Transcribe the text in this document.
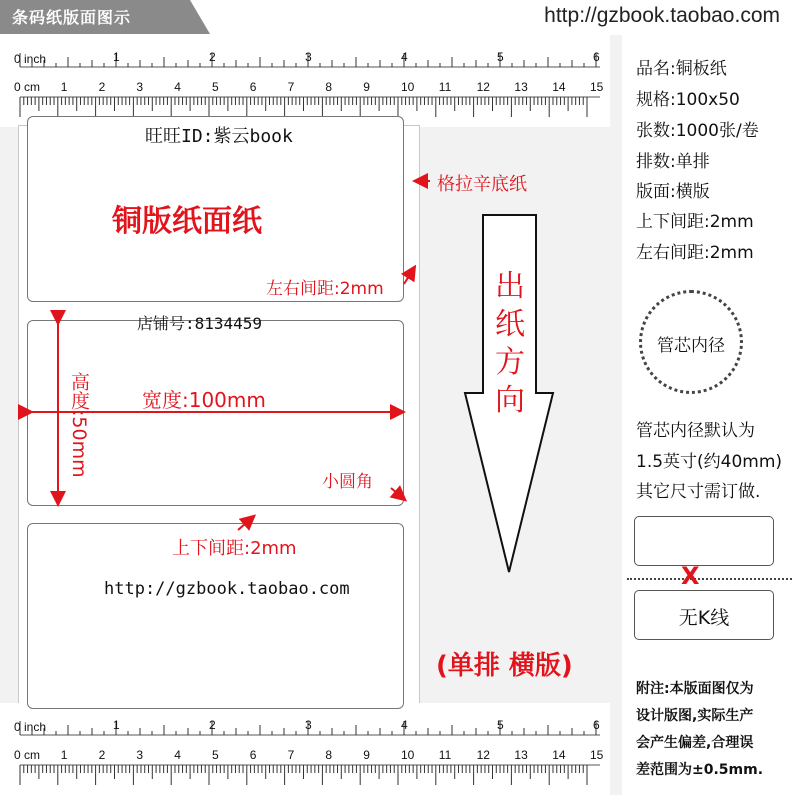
条码纸版面图示	http://gzbook.taobao.com
0 inch	1	2	3	4	5	6
0 cm 1	2	3	4	5	6	7	8	9	10 11 12 13 14 15
0 inch	1	2	3	4	5	6
0 cm 1	2	3	4	5	6	7	8	9	10 11 12 13 14 15
旺旺ID:紫云book
铜版纸面纸
左右间距:2mm
店铺号:8134459
宽度:100mm
高度:50mm
小圆角
上下间距:2mm
http://gzbook.taobao.com
格拉辛底纸
(单排 横版)
出
纸
方
向
品名:铜板纸
规格:100x50
张数:1000张/卷
排数:单排
版面:横版
上下间距:2mm
左右间距:2mm
管芯内径
管芯内径默认为
1.5英寸(约40mm)
其它尺寸需订做.
X
无K线
附注:本版面图仅为
设计版图,实际生产
会产生偏差,合理误
差范围为±0.5mm.
